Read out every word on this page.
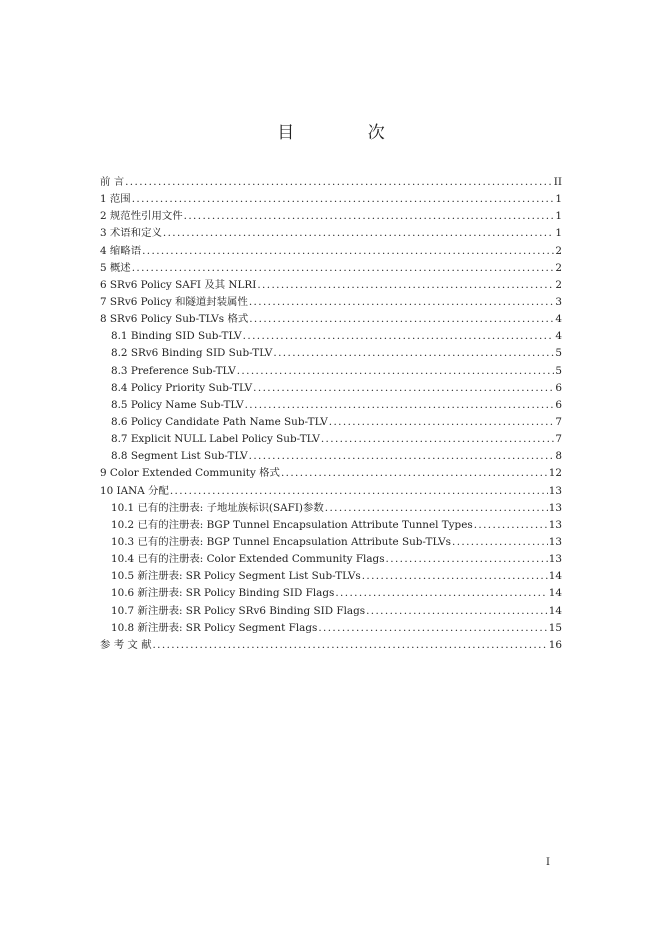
目 次
前 言 .....	II
1 范围 .....	1
2 规范性引用文件 .....	1
3 术语和定义 .....	1
4 缩略语 .....	2
5 概述 .....	2
6 SRv6 Policy SAFI 及其 NLRI .....	2
7 SRv6 Policy 和隧道封装属性 .....	3
8 SRv6 Policy Sub-TLVs 格式 .....	4
8.1 Binding SID Sub-TLV .....	4
8.2 SRv6 Binding SID Sub-TLV .....	5
8.3 Preference Sub-TLV .....	5
8.4 Policy Priority Sub-TLV .....	6
8.5 Policy Name Sub-TLV .....	6
8.6 Policy Candidate Path Name Sub-TLV .....	7
8.7 Explicit NULL Label Policy Sub-TLV .....	7
8.8 Segment List Sub-TLV .....	8
9 Color Extended Community 格式 .....	12
10 IANA 分配 .....	13
10.1 已有的注册表: 子地址族标识(SAFI)参数 .....	13
10.2 已有的注册表: BGP Tunnel Encapsulation Attribute Tunnel Types .....	13
10.3 已有的注册表: BGP Tunnel Encapsulation Attribute Sub-TLVs .....	13
10.4 已有的注册表: Color Extended Community Flags .....	13
10.5 新注册表: SR Policy Segment List Sub-TLVs .....	14
10.6 新注册表: SR Policy Binding SID Flags .....	14
10.7 新注册表: SR Policy SRv6 Binding SID Flags .....	14
10.8 新注册表: SR Policy Segment Flags .....	15
参 考 文 献 .....	16
I
